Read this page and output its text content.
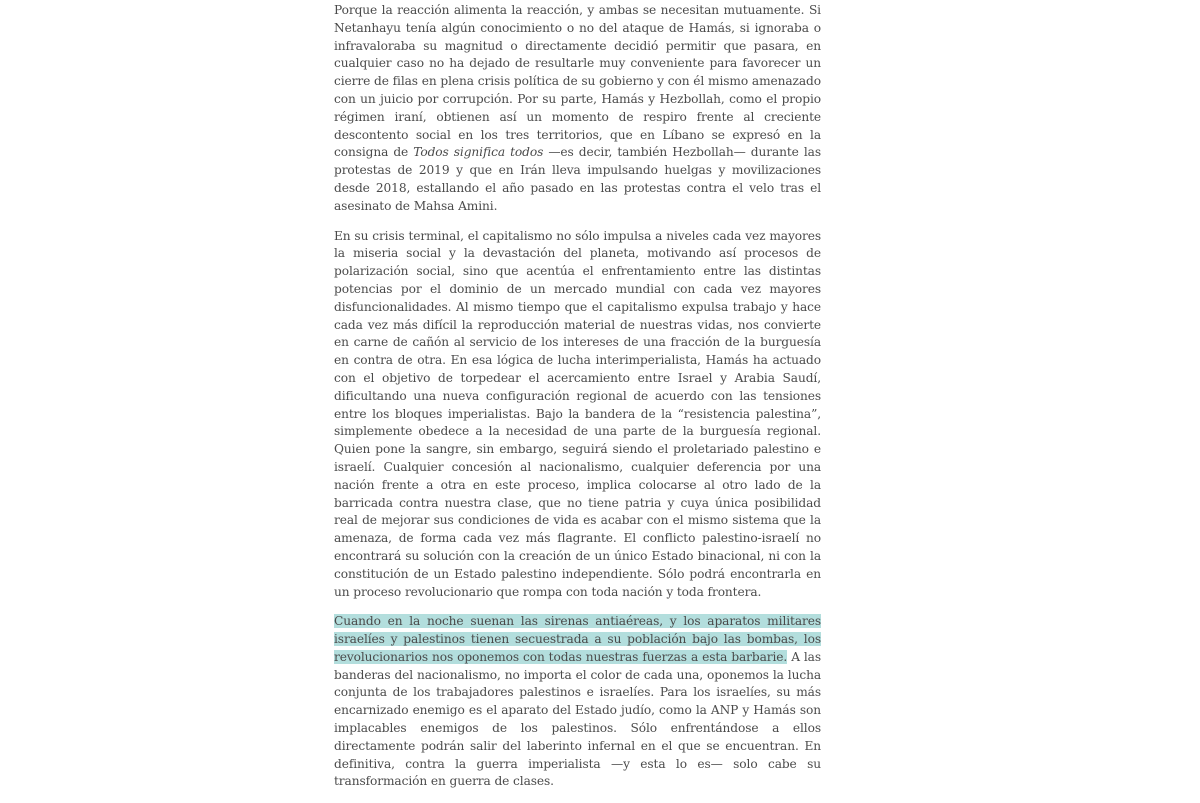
Porque la reacción alimenta la reacción, y ambas se necesitan mutuamente. Si Netanhayu tenía algún conocimiento o no del ataque de Hamás, si ignoraba o infravaloraba su magnitud o directamente decidió permitir que pasara, en cualquier caso no ha dejado de resultarle muy conveniente para favorecer un cierre de filas en plena crisis política de su gobierno y con él mismo amenazado con un juicio por corrupción. Por su parte, Hamás y Hezbollah, como el propio régimen iraní, obtienen así un momento de respiro frente al creciente descontento social en los tres territorios, que en Líbano se expresó en la consigna de Todos significa todos —es decir, también Hezbollah— durante las protestas de 2019 y que en Irán lleva impulsando huelgas y movilizaciones desde 2018, estallando el año pasado en las protestas contra el velo tras el asesinato de Mahsa Amini.

En su crisis terminal, el capitalismo no sólo impulsa a niveles cada vez mayores la miseria social y la devastación del planeta, motivando así procesos de polarización social, sino que acentúa el enfrentamiento entre las distintas potencias por el dominio de un mercado mundial con cada vez mayores disfuncionalidades. Al mismo tiempo que el capitalismo expulsa trabajo y hace cada vez más difícil la reproducción material de nuestras vidas, nos convierte en carne de cañón al servicio de los intereses de una fracción de la burguesía en contra de otra. En esa lógica de lucha interimperialista, Hamás ha actuado con el objetivo de torpedear el acercamiento entre Israel y Arabia Saudí, dificultando una nueva configuración regional de acuerdo con las tensiones entre los bloques imperialistas. Bajo la bandera de la “resistencia palestina”, simplemente obedece a la necesidad de una parte de la burguesía regional. Quien pone la sangre, sin embargo, seguirá siendo el proletariado palestino e israelí. Cualquier concesión al nacionalismo, cualquier deferencia por una nación frente a otra en este proceso, implica colocarse al otro lado de la barricada contra nuestra clase, que no tiene patria y cuya única posibilidad real de mejorar sus condiciones de vida es acabar con el mismo sistema que la amenaza, de forma cada vez más flagrante. El conflicto palestino-israelí no encontrará su solución con la creación de un único Estado binacional, ni con la constitución de un Estado palestino independiente. Sólo podrá encontrarla en un proceso revolucionario que rompa con toda nación y toda frontera.

Cuando en la noche suenan las sirenas antiaéreas, y los aparatos militares israelíes y palestinos tienen secuestrada a su población bajo las bombas, los revolucionarios nos oponemos con todas nuestras fuerzas a esta barbarie. A las banderas del nacionalismo, no importa el color de cada una, oponemos la lucha conjunta de los trabajadores palestinos e israelíes. Para los israelíes, su más encarnizado enemigo es el aparato del Estado judío, como la ANP y Hamás son implacables enemigos de los palestinos. Sólo enfrentándose a ellos directamente podrán salir del laberinto infernal en el que se encuentran. En definitiva, contra la guerra imperialista —y esta lo es— solo cabe su transformación en guerra de clases.
